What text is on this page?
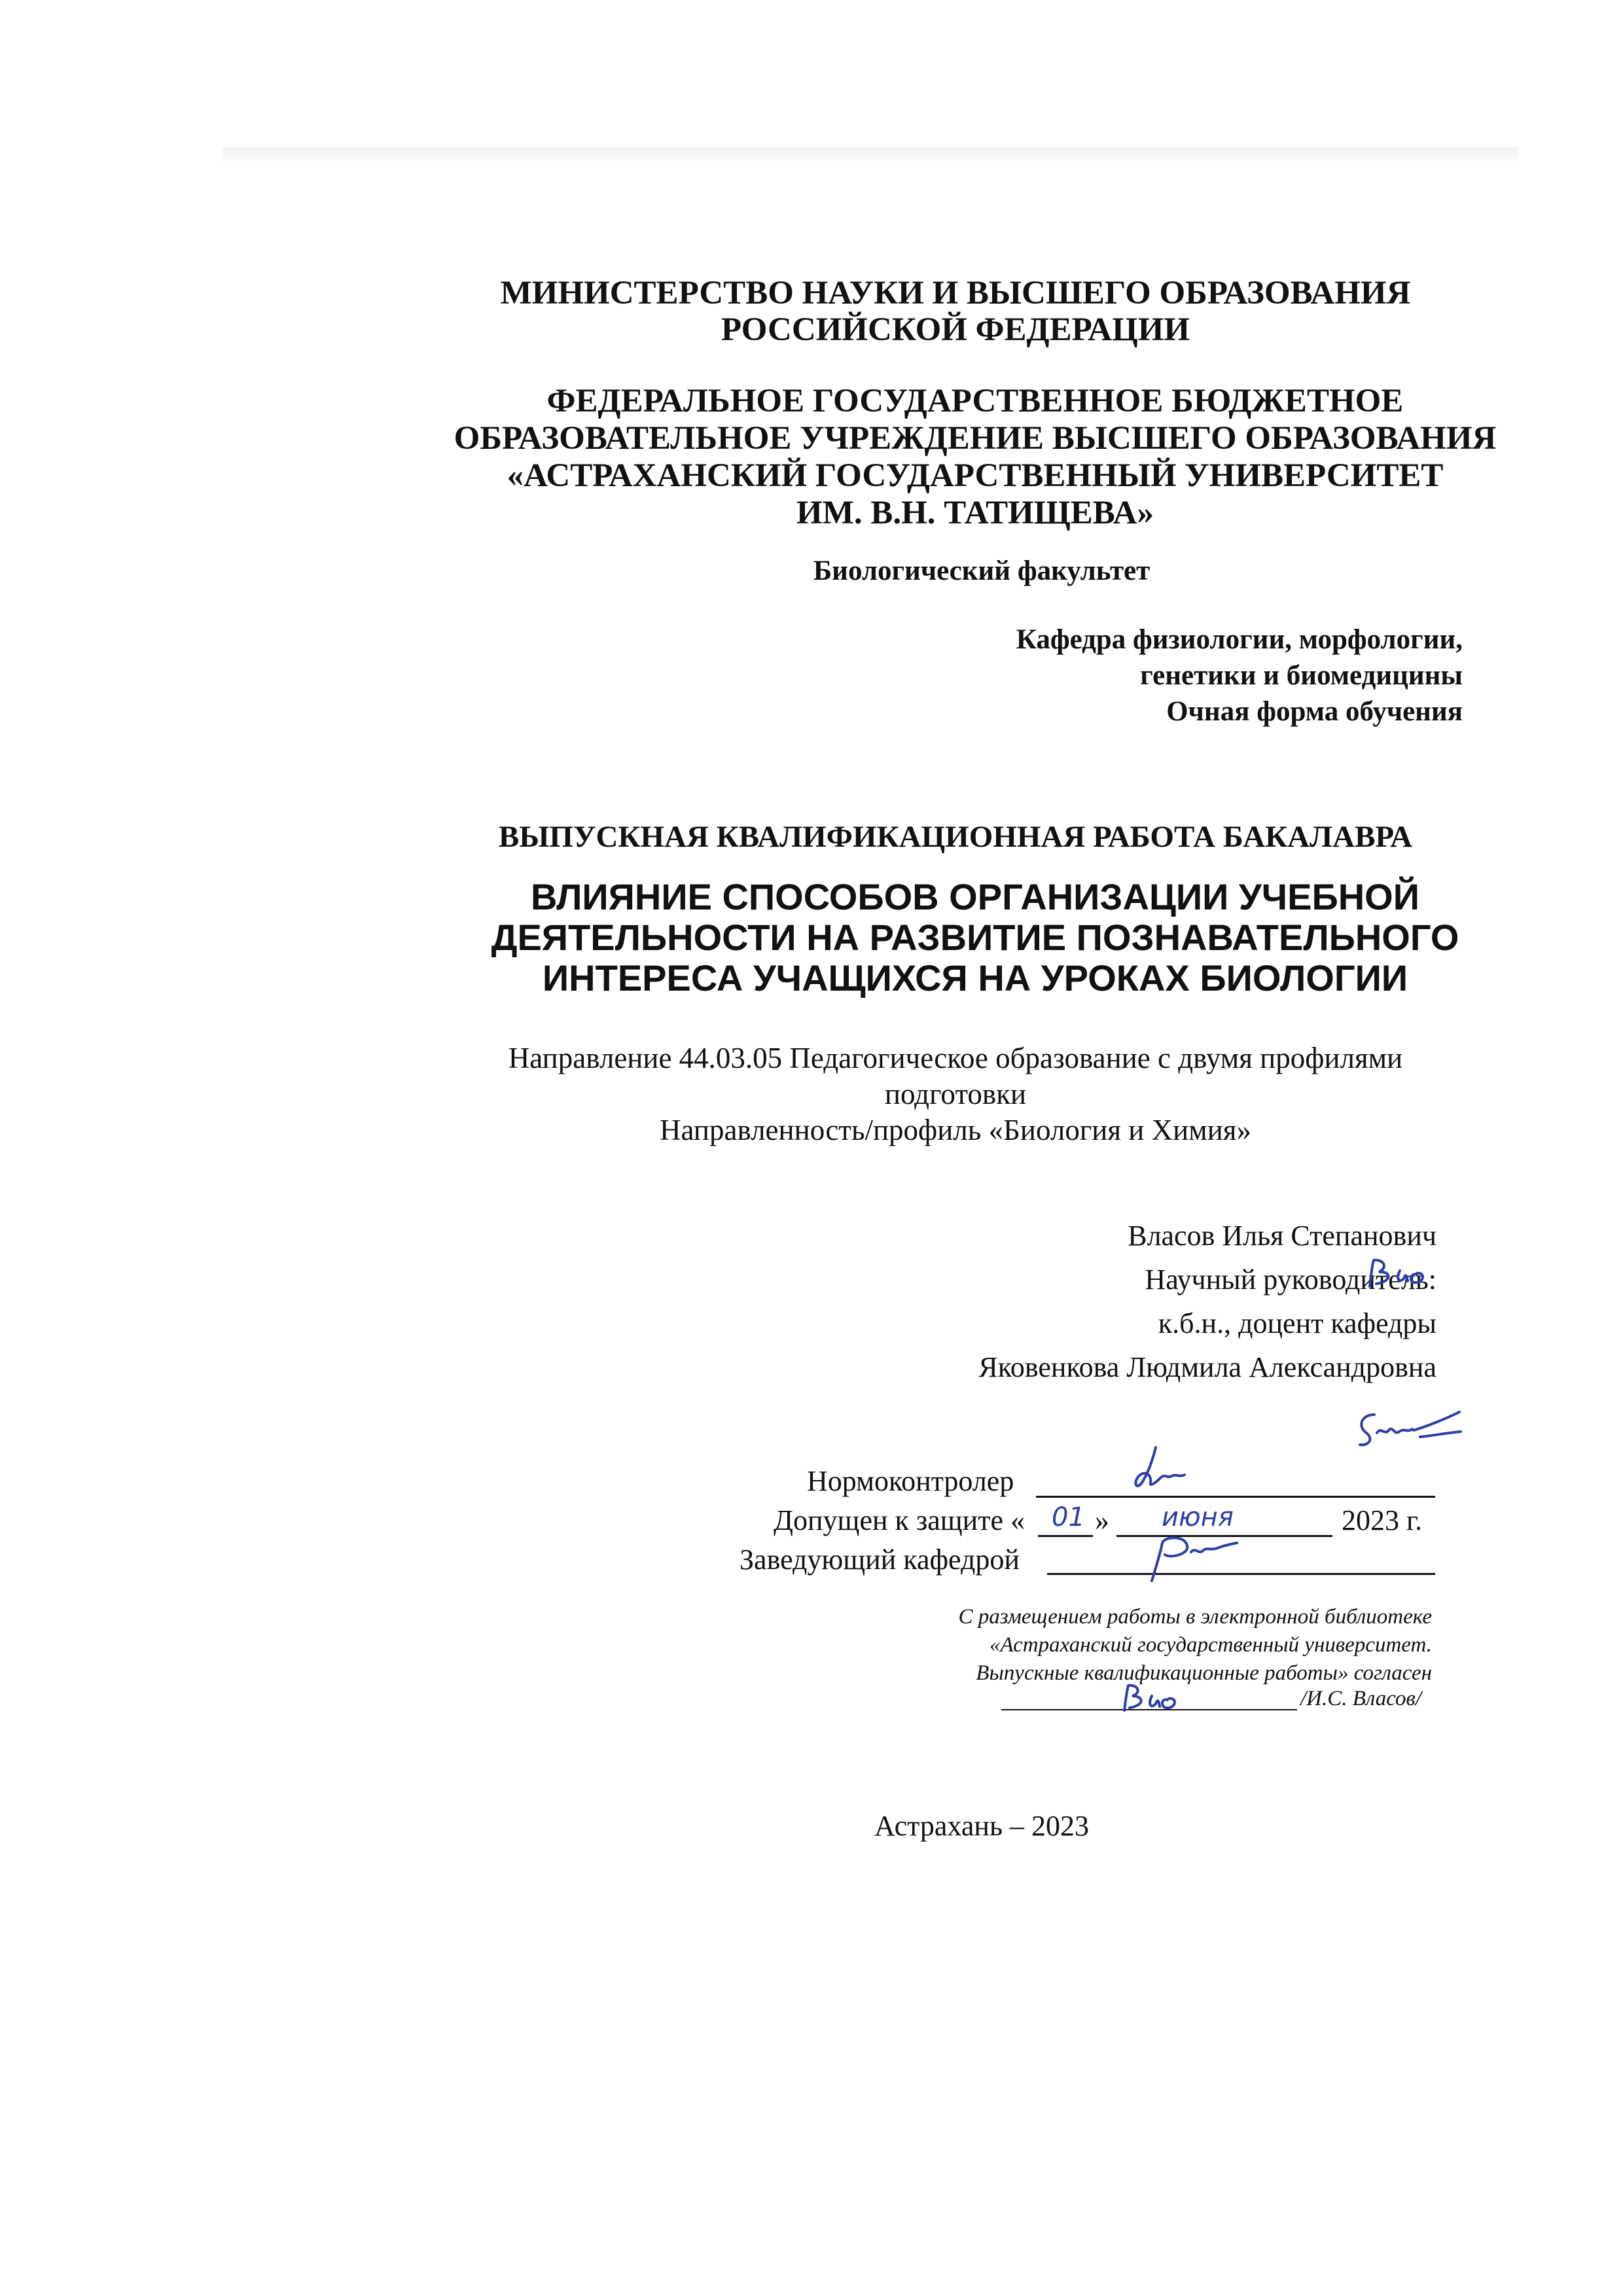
МИНИСТЕРСТВО НАУКИ И ВЫСШЕГО ОБРАЗОВАНИЯ
РОССИЙСКОЙ ФЕДЕРАЦИИ
ФЕДЕРАЛЬНОЕ ГОСУДАРСТВЕННОЕ БЮДЖЕТНОЕ
ОБРАЗОВАТЕЛЬНОЕ УЧРЕЖДЕНИЕ ВЫСШЕГО ОБРАЗОВАНИЯ
«АСТРАХАНСКИЙ ГОСУДАРСТВЕННЫЙ УНИВЕРСИТЕТ
ИМ. В.Н. ТАТИЩЕВА»
Биологический факультет
Кафедра физиологии, морфологии,
генетики и биомедицины
Очная форма обучения
ВЫПУСКНАЯ КВАЛИФИКАЦИОННАЯ РАБОТА БАКАЛАВРА
ВЛИЯНИЕ СПОСОБОВ ОРГАНИЗАЦИИ УЧЕБНОЙ
ДЕЯТЕЛЬНОСТИ НА РАЗВИТИЕ ПОЗНАВАТЕЛЬНОГО
ИНТЕРЕСА УЧАЩИХСЯ НА УРОКАХ БИОЛОГИИ
Направление 44.03.05 Педагогическое образование с двумя профилями
подготовки
Направленность/профиль «Биология и Химия»
Власов Илья Степанович
Научный руководитель:
к.б.н., доцент кафедры
Яковенкова Людмила Александровна
Нормоконтролер
Допущен к защите « 01 » июня	2023 г.
Заведующий кафедрой
С размещением работы в электронной библиотеке
«Астраханский государственный университет.
Выпускные квалификационные работы» согласен
/И.С. Власов/
Астрахань – 2023
